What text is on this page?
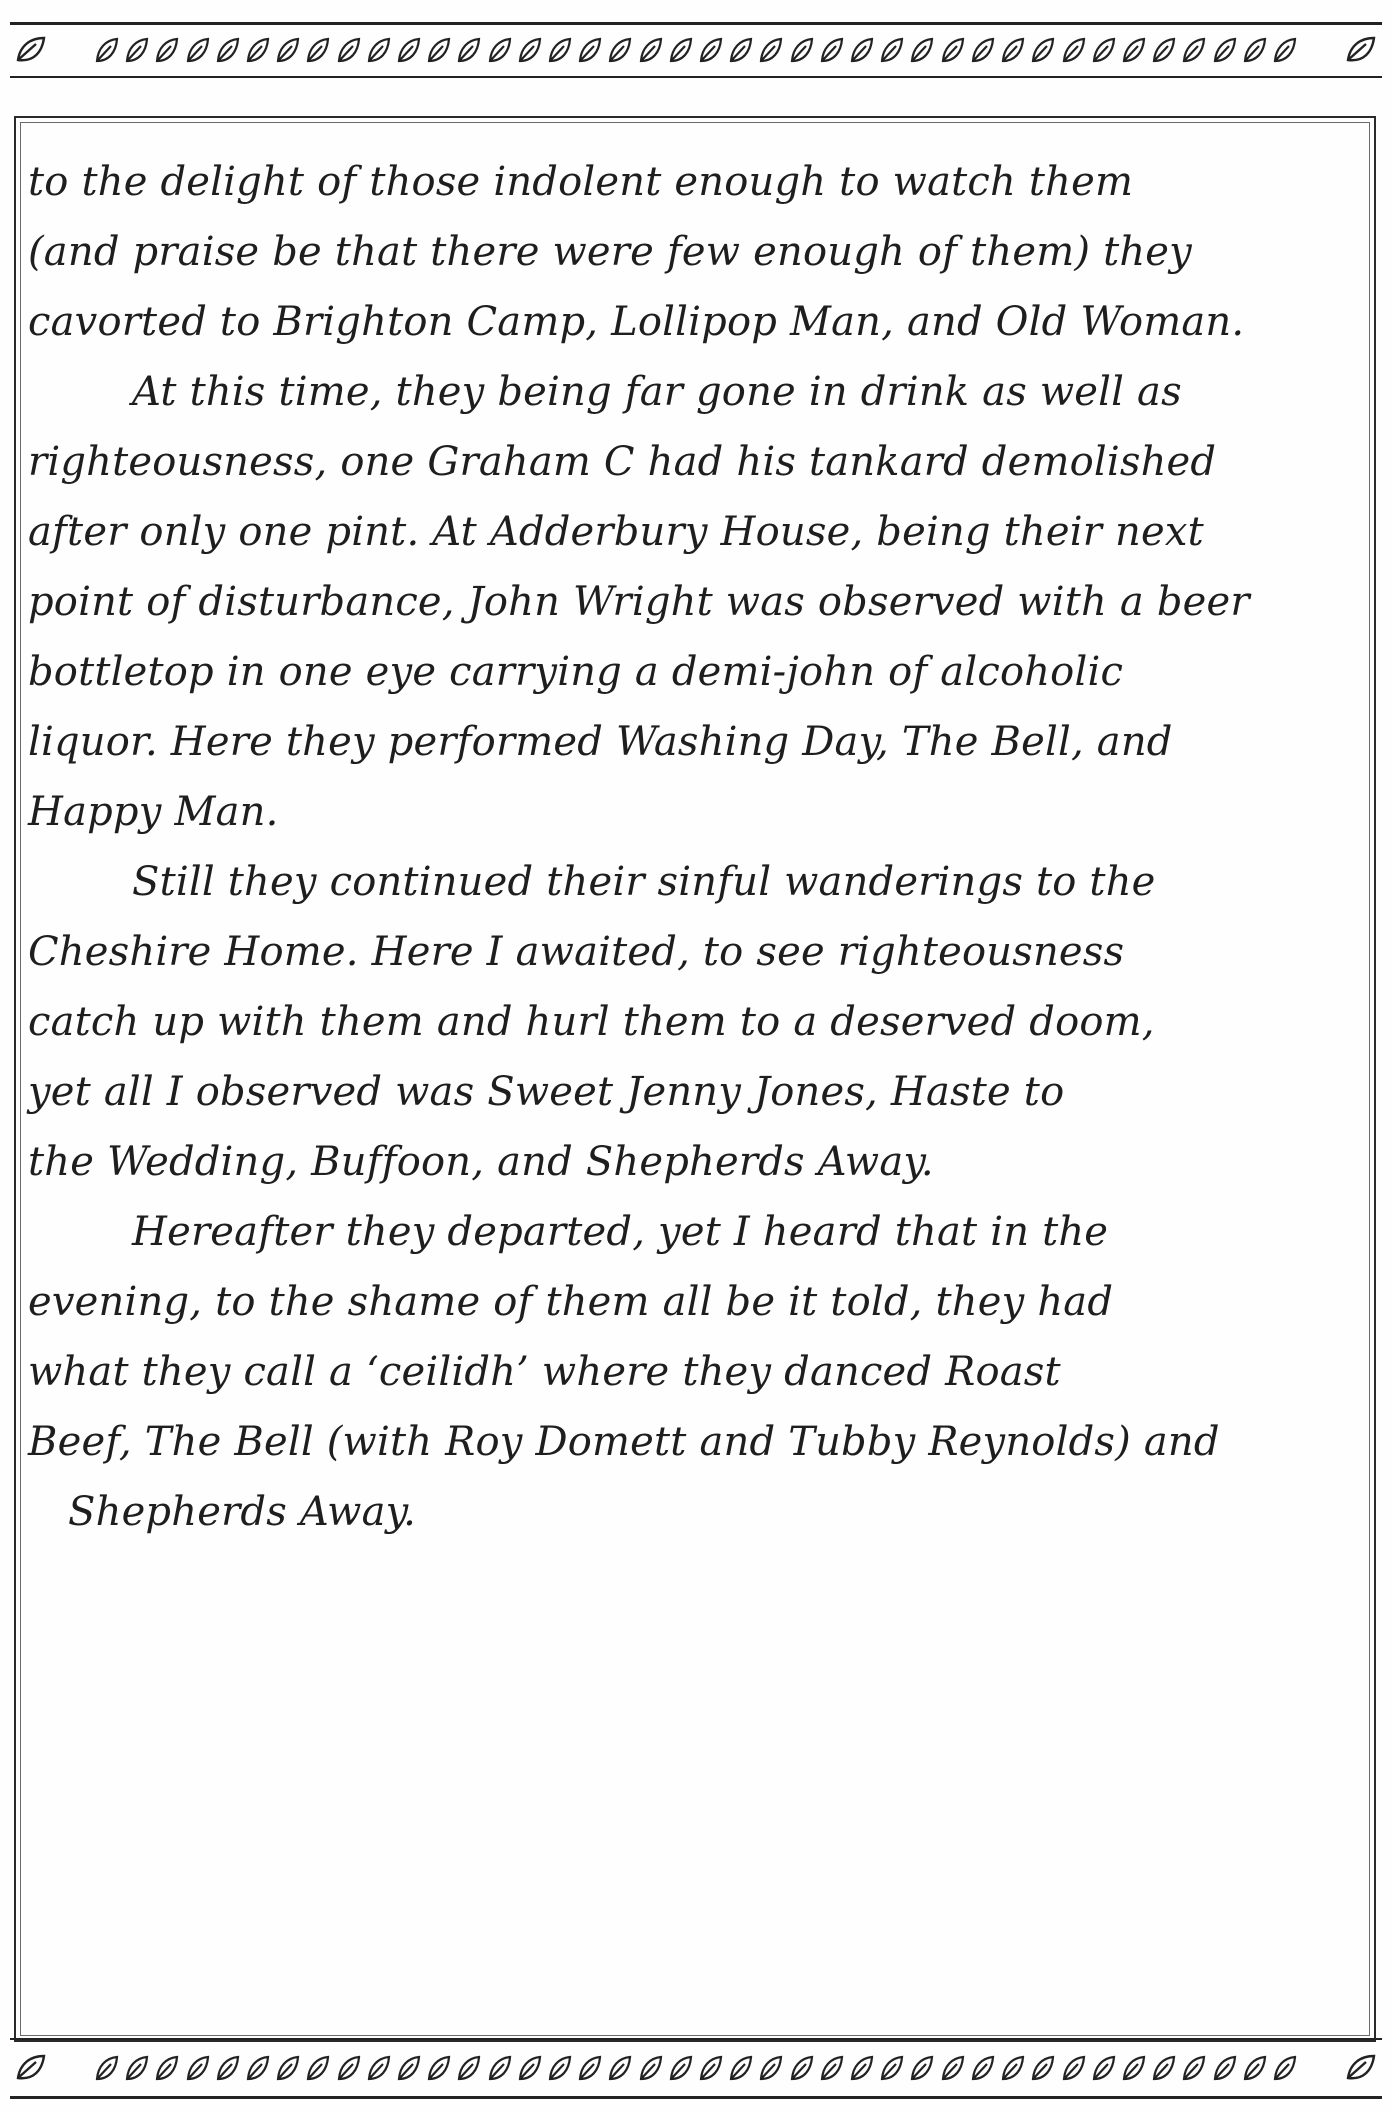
to the delight of those indolent enough to watch them
(and praise be that there were few enough of them) they
cavorted to Brighton Camp, Lollipop Man, and Old Woman.
At this time, they being far gone in drink as well as
righteousness, one Graham C had his tankard demolished
after only one pint. At Adderbury House, being their next
point of disturbance, John Wright was observed with a beer
bottletop in one eye carrying a demi-john of alcoholic
liquor. Here they performed Washing Day, The Bell, and
Happy Man.
Still they continued their sinful wanderings to the
Cheshire Home. Here I awaited, to see righteousness
catch up with them and hurl them to a deserved doom,
yet all I observed was Sweet Jenny Jones, Haste to
the Wedding, Buffoon, and Shepherds Away.
Hereafter they departed, yet I heard that in the
evening, to the shame of them all be it told, they had
what they call a ‘ceilidh’ where they danced Roast
Beef, The Bell (with Roy Domett and Tubby Reynolds) and
Shepherds Away.
